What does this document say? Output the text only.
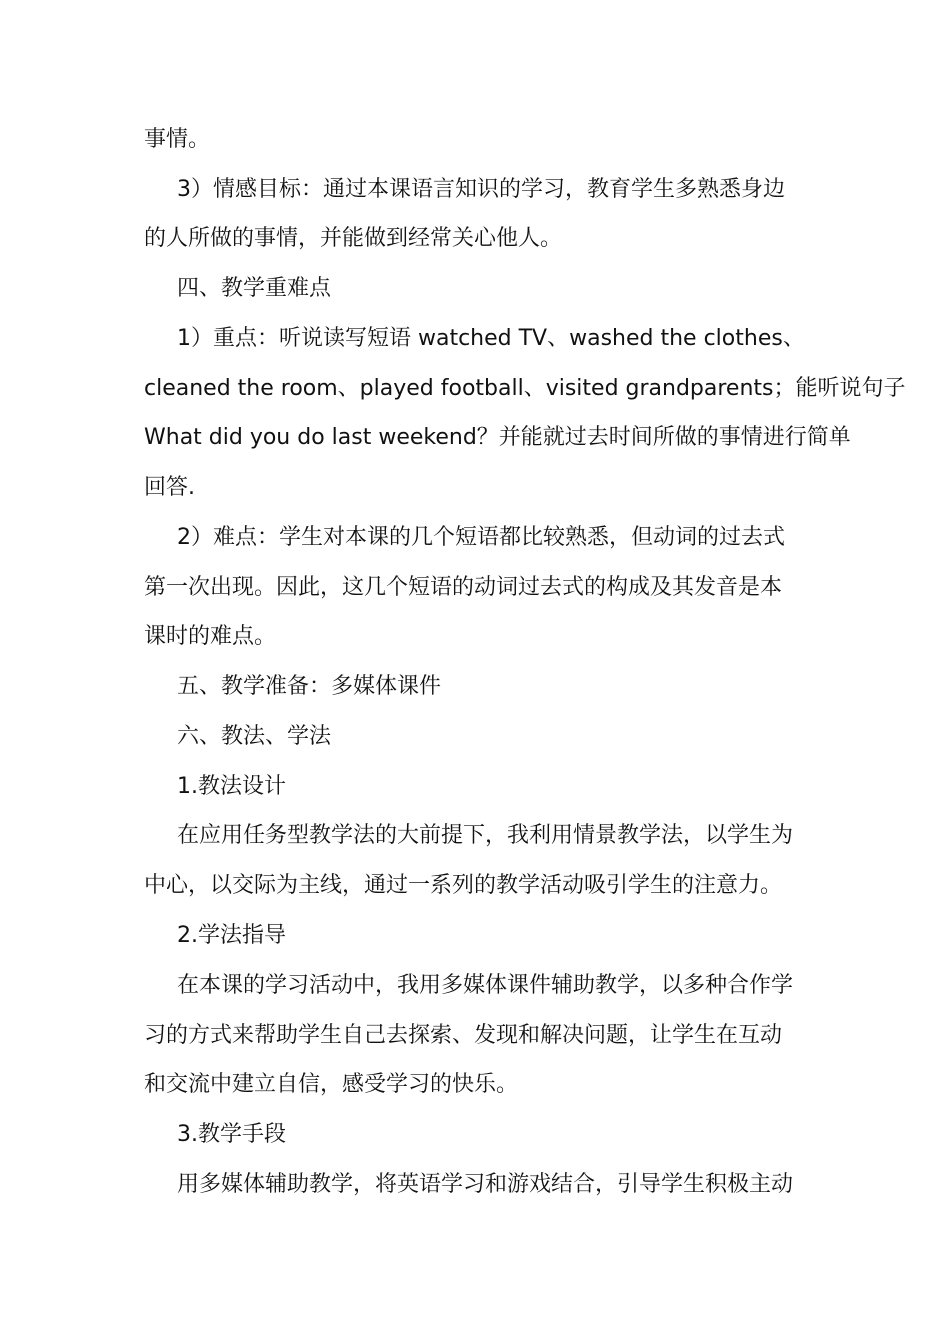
事情。
3）情感目标：通过本课语言知识的学习，教育学生多熟悉身边
的人所做的事情，并能做到经常关心他人。
四、教学重难点
1）重点：听说读写短语 watched TV、washed the clothes、
cleaned the room、played football、visited grandparents；能听说句子
What did you do last weekend？并能就过去时间所做的事情进行简单
回答.
2）难点：学生对本课的几个短语都比较熟悉，但动词的过去式
第一次出现。因此，这几个短语的动词过去式的构成及其发音是本
课时的难点。
五、教学准备：多媒体课件
六、教法、学法
1.教法设计
在应用任务型教学法的大前提下，我利用情景教学法，以学生为
中心，以交际为主线，通过一系列的教学活动吸引学生的注意力。
2.学法指导
在本课的学习活动中，我用多媒体课件辅助教学，以多种合作学
习的方式来帮助学生自己去探索、发现和解决问题，让学生在互动
和交流中建立自信，感受学习的快乐。
3.教学手段
用多媒体辅助教学，将英语学习和游戏结合，引导学生积极主动
